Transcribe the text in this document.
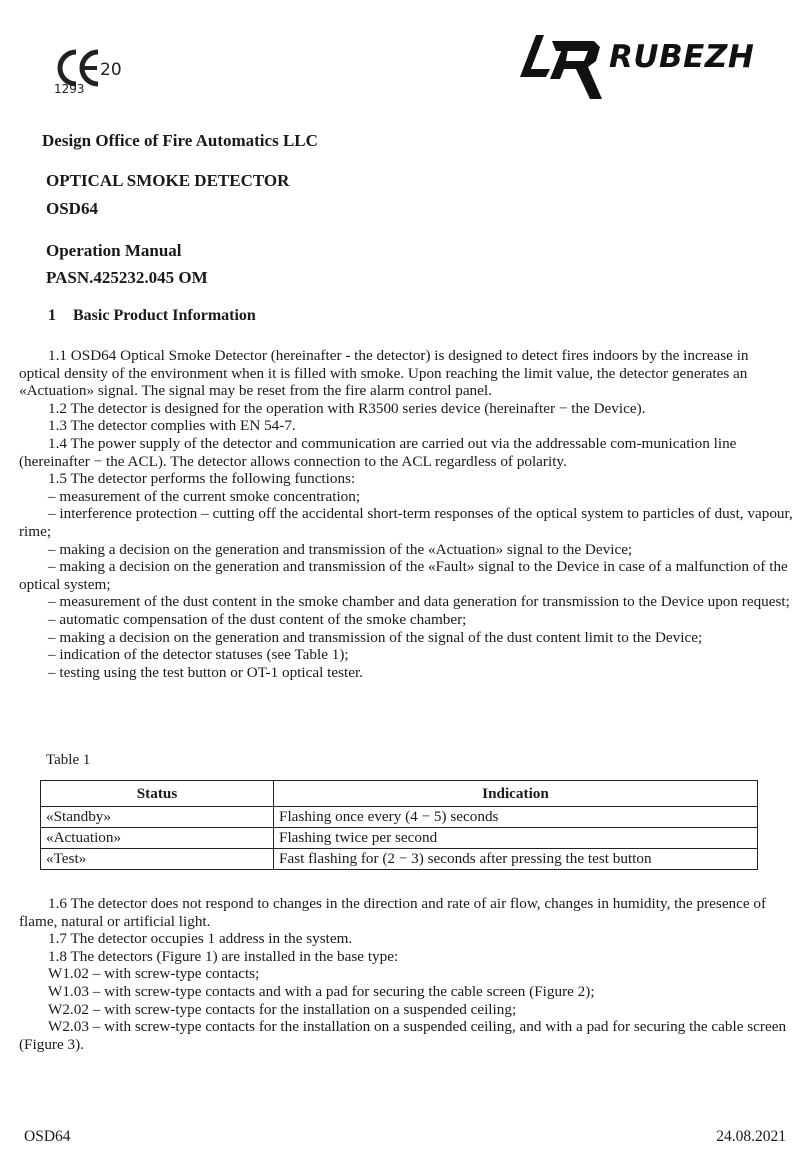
20
1293
RUBEZH
Design Office of Fire Automatics LLC
OPTICAL SMOKE DETECTOR
OSD64
Operation Manual
PASN.425232.045 OM
1 Basic Product Information

1.1 OSD64 Optical Smoke Detector (hereinafter - the detector) is designed to detect fires indoors by the increase in optical density of the environment when it is filled with smoke. Upon reaching the limit value, the detector generates an «Actuation» signal. The signal may be reset from the fire alarm control panel.

1.2 The detector is designed for the operation with R3500 series device (hereinafter − the Device).

1.3 The detector complies with EN 54-7.

1.4 The power supply of the detector and communication are carried out via the addressable com-munication line (hereinafter − the ACL). The detector allows connection to the ACL regardless of polarity.

1.5 The detector performs the following functions:

– measurement of the current smoke concentration;

– interference protection – cutting off the accidental short-term responses of the optical system to particles of dust, vapour, rime;

– making a decision on the generation and transmission of the «Actuation» signal to the Device;

– making a decision on the generation and transmission of the «Fault» signal to the Device in case of a malfunction of the optical system;

– measurement of the dust content in the smoke chamber and data generation for transmission to the Device upon request;

– automatic compensation of the dust content of the smoke chamber;

– making a decision on the generation and transmission of the signal of the dust content limit to the Device;

– indication of the detector statuses (see Table 1);

– testing using the test button or OT-1 optical tester.

Table 1
Status	Indication
«Standby»	Flashing once every (4 − 5) seconds
«Actuation»	Flashing twice per second
«Test»	Fast flashing for (2 − 3) seconds after pressing the test button

1.6 The detector does not respond to changes in the direction and rate of air flow, changes in humidity, the presence of flame, natural or artificial light.

1.7 The detector occupies 1 address in the system.

1.8 The detectors (Figure 1) are installed in the base type:

W1.02 – with screw-type contacts;

W1.03 – with screw-type contacts and with a pad for securing the cable screen (Figure 2);

W2.02 – with screw-type contacts for the installation on a suspended ceiling;

W2.03 – with screw-type contacts for the installation on a suspended ceiling, and with a pad for securing the cable screen (Figure 3).

OSD64	24.08.2021
